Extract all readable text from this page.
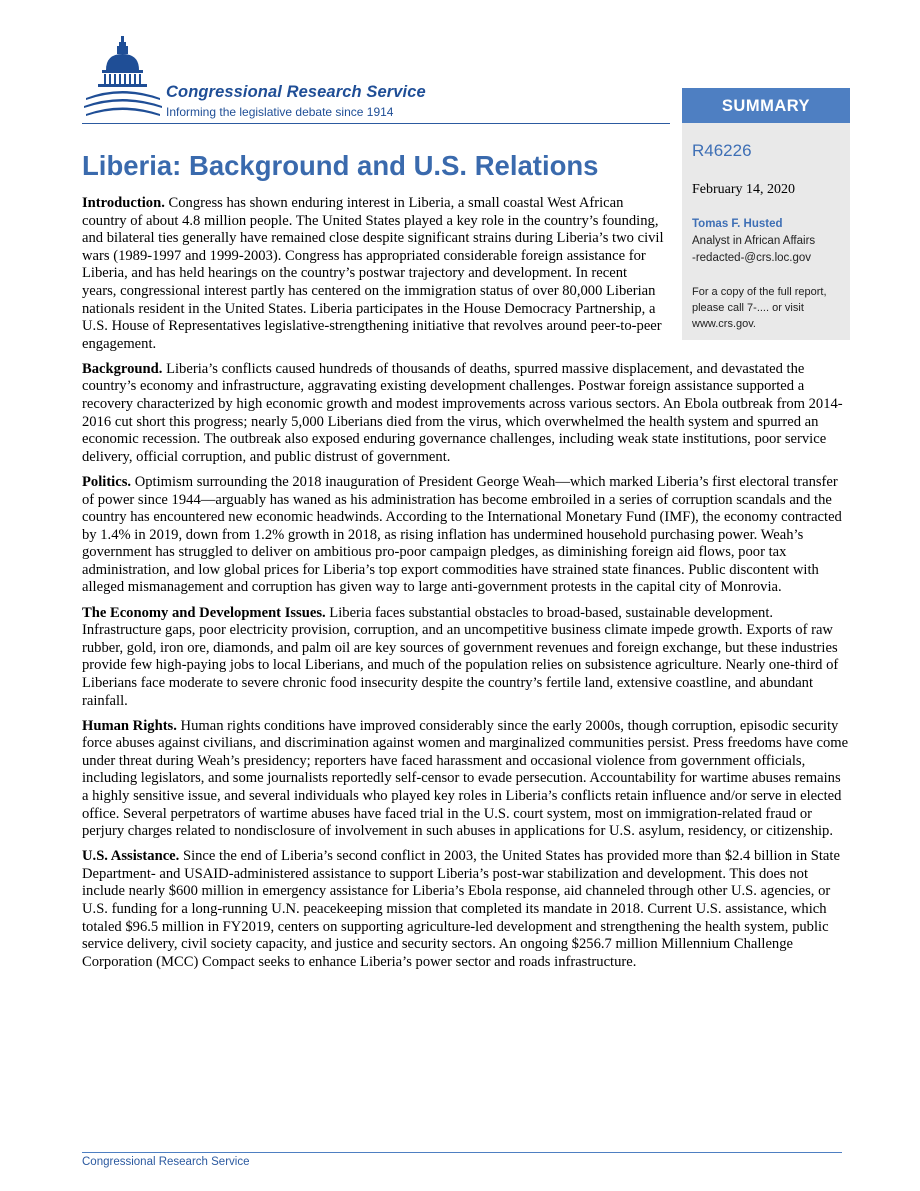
Congressional Research Service
Informing the legislative debate since 1914	SUMMARY
R46226
February 14, 2020
Tomas F. Husted
Analyst in African Affairs
-redacted-@crs.loc.gov
For a copy of the full report, please call 7-.... or visit www.crs.gov.
Liberia: Background and U.S. Relations

Introduction. Congress has shown enduring interest in Liberia, a small coastal West African country of about 4.8 million people. The United States played a key role in the country’s founding, and bilateral ties generally have remained close despite significant strains during Liberia’s two civil wars (1989-1997 and 1999-2003). Congress has appropriated considerable foreign assistance for Liberia, and has held hearings on the country’s postwar trajectory and development. In recent years, congressional interest partly has centered on the immigration status of over 80,000 Liberian nationals resident in the United States. Liberia participates in the House Democracy Partnership, a U.S. House of Representatives legislative-strengthening initiative that revolves around peer-to-peer engagement.

Background. Liberia’s conflicts caused hundreds of thousands of deaths, spurred massive displacement, and devastated the country’s economy and infrastructure, aggravating existing development challenges. Postwar foreign assistance supported a recovery characterized by high economic growth and modest improvements across various sectors. An Ebola outbreak from 2014-2016 cut short this progress; nearly 5,000 Liberians died from the virus, which overwhelmed the health system and spurred an economic recession. The outbreak also exposed enduring governance challenges, including weak state institutions, poor service delivery, official corruption, and public distrust of government.

Politics. Optimism surrounding the 2018 inauguration of President George Weah—which marked Liberia’s first electoral transfer of power since 1944—arguably has waned as his administration has become embroiled in a series of corruption scandals and the country has encountered new economic headwinds. According to the International Monetary Fund (IMF), the economy contracted by 1.4% in 2019, down from 1.2% growth in 2018, as rising inflation has undermined household purchasing power. Weah’s government has struggled to deliver on ambitious pro-poor campaign pledges, as diminishing foreign aid flows, poor tax administration, and low global prices for Liberia’s top export commodities have strained state finances. Public discontent with alleged mismanagement and corruption has given way to large anti-government protests in the capital city of Monrovia.

The Economy and Development Issues. Liberia faces substantial obstacles to broad-based, sustainable development. Infrastructure gaps, poor electricity provision, corruption, and an uncompetitive business climate impede growth. Exports of raw rubber, gold, iron ore, diamonds, and palm oil are key sources of government revenues and foreign exchange, but these industries provide few high-paying jobs to local Liberians, and much of the population relies on subsistence agriculture. Nearly one-third of Liberians face moderate to severe chronic food insecurity despite the country’s fertile land, extensive coastline, and abundant rainfall.

Human Rights. Human rights conditions have improved considerably since the early 2000s, though corruption, episodic security force abuses against civilians, and discrimination against women and marginalized communities persist. Press freedoms have come under threat during Weah’s presidency; reporters have faced harassment and occasional violence from government officials, including legislators, and some journalists reportedly self-censor to evade persecution. Accountability for wartime abuses remains a highly sensitive issue, and several individuals who played key roles in Liberia’s conflicts retain influence and/or serve in elected office. Several perpetrators of wartime abuses have faced trial in the U.S. court system, most on immigration-related fraud or perjury charges related to nondisclosure of involvement in such abuses in applications for U.S. asylum, residency, or citizenship.

U.S. Assistance. Since the end of Liberia’s second conflict in 2003, the United States has provided more than $2.4 billion in State Department- and USAID-administered assistance to support Liberia’s post-war stabilization and development. This does not include nearly $600 million in emergency assistance for Liberia’s Ebola response, aid channeled through other U.S. agencies, or U.S. funding for a long-running U.N. peacekeeping mission that completed its mandate in 2018. Current U.S. assistance, which totaled $96.5 million in FY2019, centers on supporting agriculture-led development and strengthening the health system, public service delivery, civil society capacity, and justice and security sectors. An ongoing $256.7 million Millennium Challenge Corporation (MCC) Compact seeks to enhance Liberia’s power sector and roads infrastructure.

Congressional Research Service
